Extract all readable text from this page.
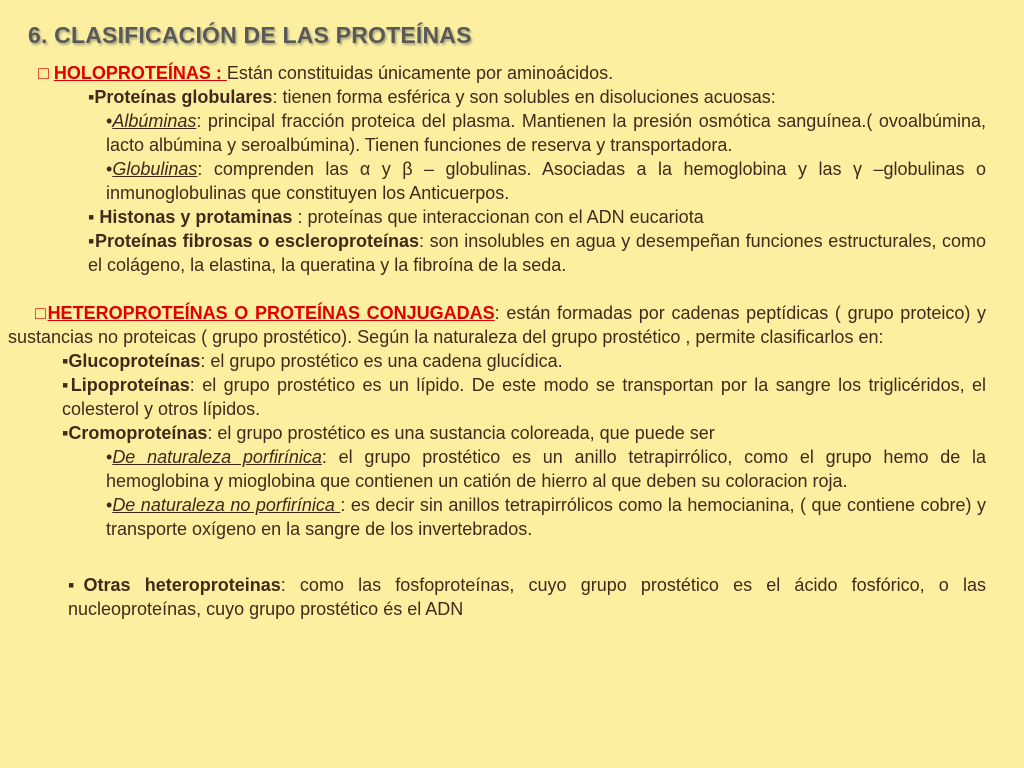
6. CLASIFICACIÓN DE LAS PROTEÍNAS

□ HOLOPROTEÍNAS : Están constituidas únicamente por aminoácidos.

▪Proteínas globulares: tienen forma esférica y son solubles en disoluciones acuosas:

•Albúminas: principal fracción proteica del plasma. Mantienen la presión osmótica sanguínea.( ovoalbúmina, lacto albúmina y seroalbúmina). Tienen funciones de reserva y transportadora.

•Globulinas: comprenden las α y β – globulinas. Asociadas a la hemoglobina y las γ –globulinas o inmunoglobulinas que constituyen los Anticuerpos.

▪ Histonas y protaminas : proteínas que interaccionan con el ADN eucariota

▪Proteínas fibrosas o escleroproteínas: son insolubles en agua y desempeñan funciones estructurales, como el colágeno, la elastina, la queratina y la fibroína de la seda.

□HETEROPROTEÍNAS O PROTEÍNAS CONJUGADAS: están formadas por cadenas peptídicas ( grupo proteico) y sustancias no proteicas ( grupo prostético). Según la naturaleza del grupo prostético , permite clasificarlos en:

▪Glucoproteínas: el grupo prostético es una cadena glucídica.

▪Lipoproteínas: el grupo prostético es un lípido. De este modo se transportan por la sangre los triglicéridos, el colesterol y otros lípidos.

▪Cromoproteínas: el grupo prostético es una sustancia coloreada, que puede ser

•De naturaleza porfirínica: el grupo prostético es un anillo tetrapirrólico, como el grupo hemo de la hemoglobina y mioglobina que contienen un catión de hierro al que deben su coloracion roja.

•De naturaleza no porfirínica : es decir sin anillos tetrapirrólicos como la hemocianina, ( que contiene cobre) y transporte oxígeno en la sangre de los invertebrados.

▪Otras heteroproteinas: como las fosfoproteínas, cuyo grupo prostético es el ácido fosfórico, o las nucleoproteínas, cuyo grupo prostético és el ADN
